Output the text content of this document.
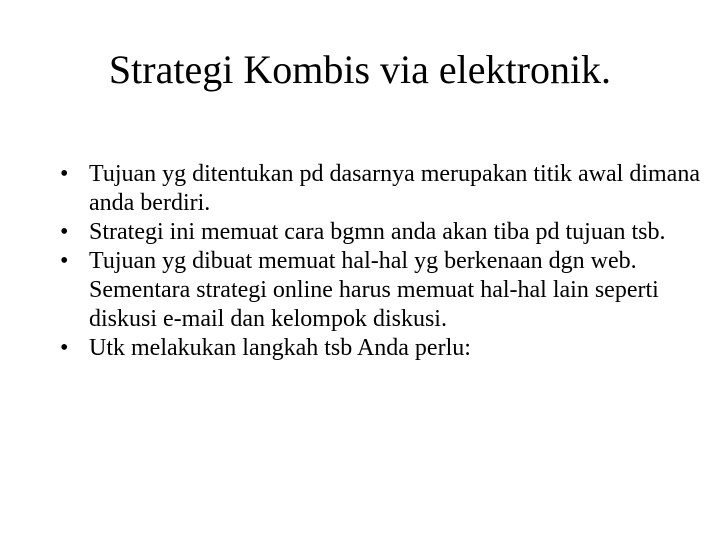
Strategi Kombis via elektronik.
• Tujuan yg ditentukan pd dasarnya merupakan titik awal dimana anda berdiri.
• Strategi ini memuat cara bgmn anda akan tiba pd tujuan tsb.
• Tujuan yg dibuat memuat hal-hal yg berkenaan dgn web. Sementara strategi online harus memuat hal-hal lain seperti diskusi e-mail dan kelompok diskusi.
• Utk melakukan langkah tsb Anda perlu:
